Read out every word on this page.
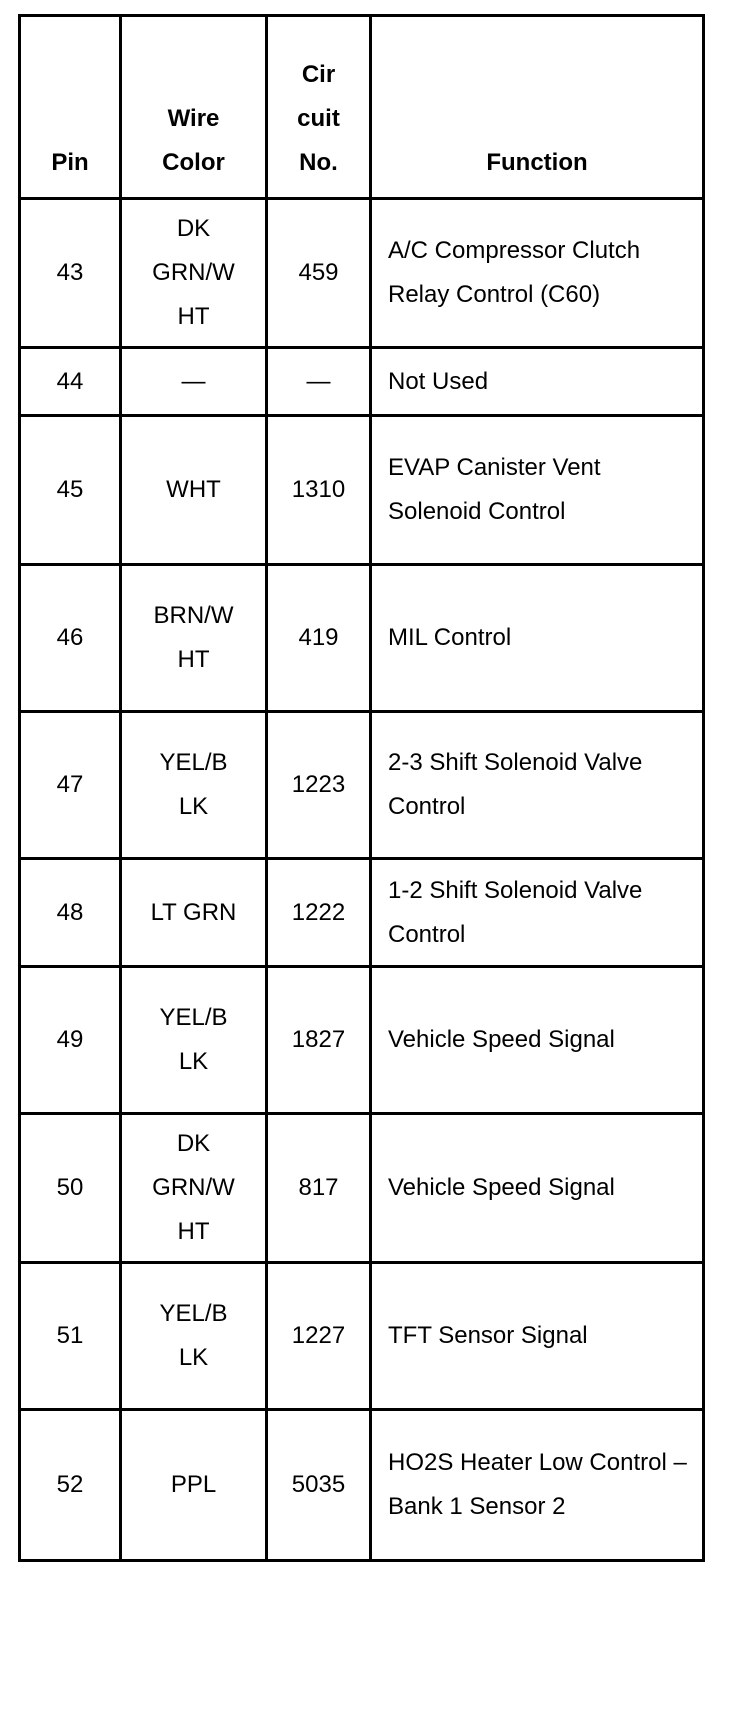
Pin	Wire Color	Cir cuit No.	Function
43	DK GRN/W HT	459	A/C Compressor Clutch Relay Control (C60)
44	—	—	Not Used
45	WHT	1310	EVAP Canister Vent Solenoid Control
46	BRN/W HT	419	MIL Control
47	YEL/B LK	1223	2-3 Shift Solenoid Valve Control
48	LT GRN	1222	1-2 Shift Solenoid Valve Control
49	YEL/B LK	1827	Vehicle Speed Signal
50	DK GRN/W HT	817	Vehicle Speed Signal
51	YEL/B LK	1227	TFT Sensor Signal
52	PPL	5035	HO2S Heater Low Control – Bank 1 Sensor 2
